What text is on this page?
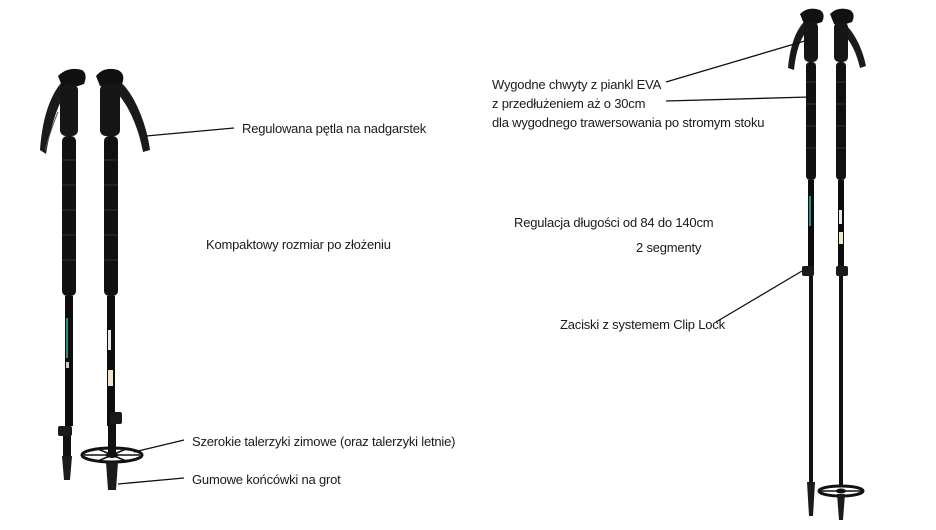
Regulowana pętla na nadgarstek
Kompaktowy rozmiar po złożeniu
Szerokie talerzyki zimowe (oraz talerzyki letnie)
Gumowe końcówki na grot
Wygodne chwyty z piankl EVA
z przedłużeniem aż o 30cm
dla wygodnego trawersowania po stromym stoku
Regulacja długości od 84 do 140cm
2 segmenty
Zaciski z systemem Clip Lock
